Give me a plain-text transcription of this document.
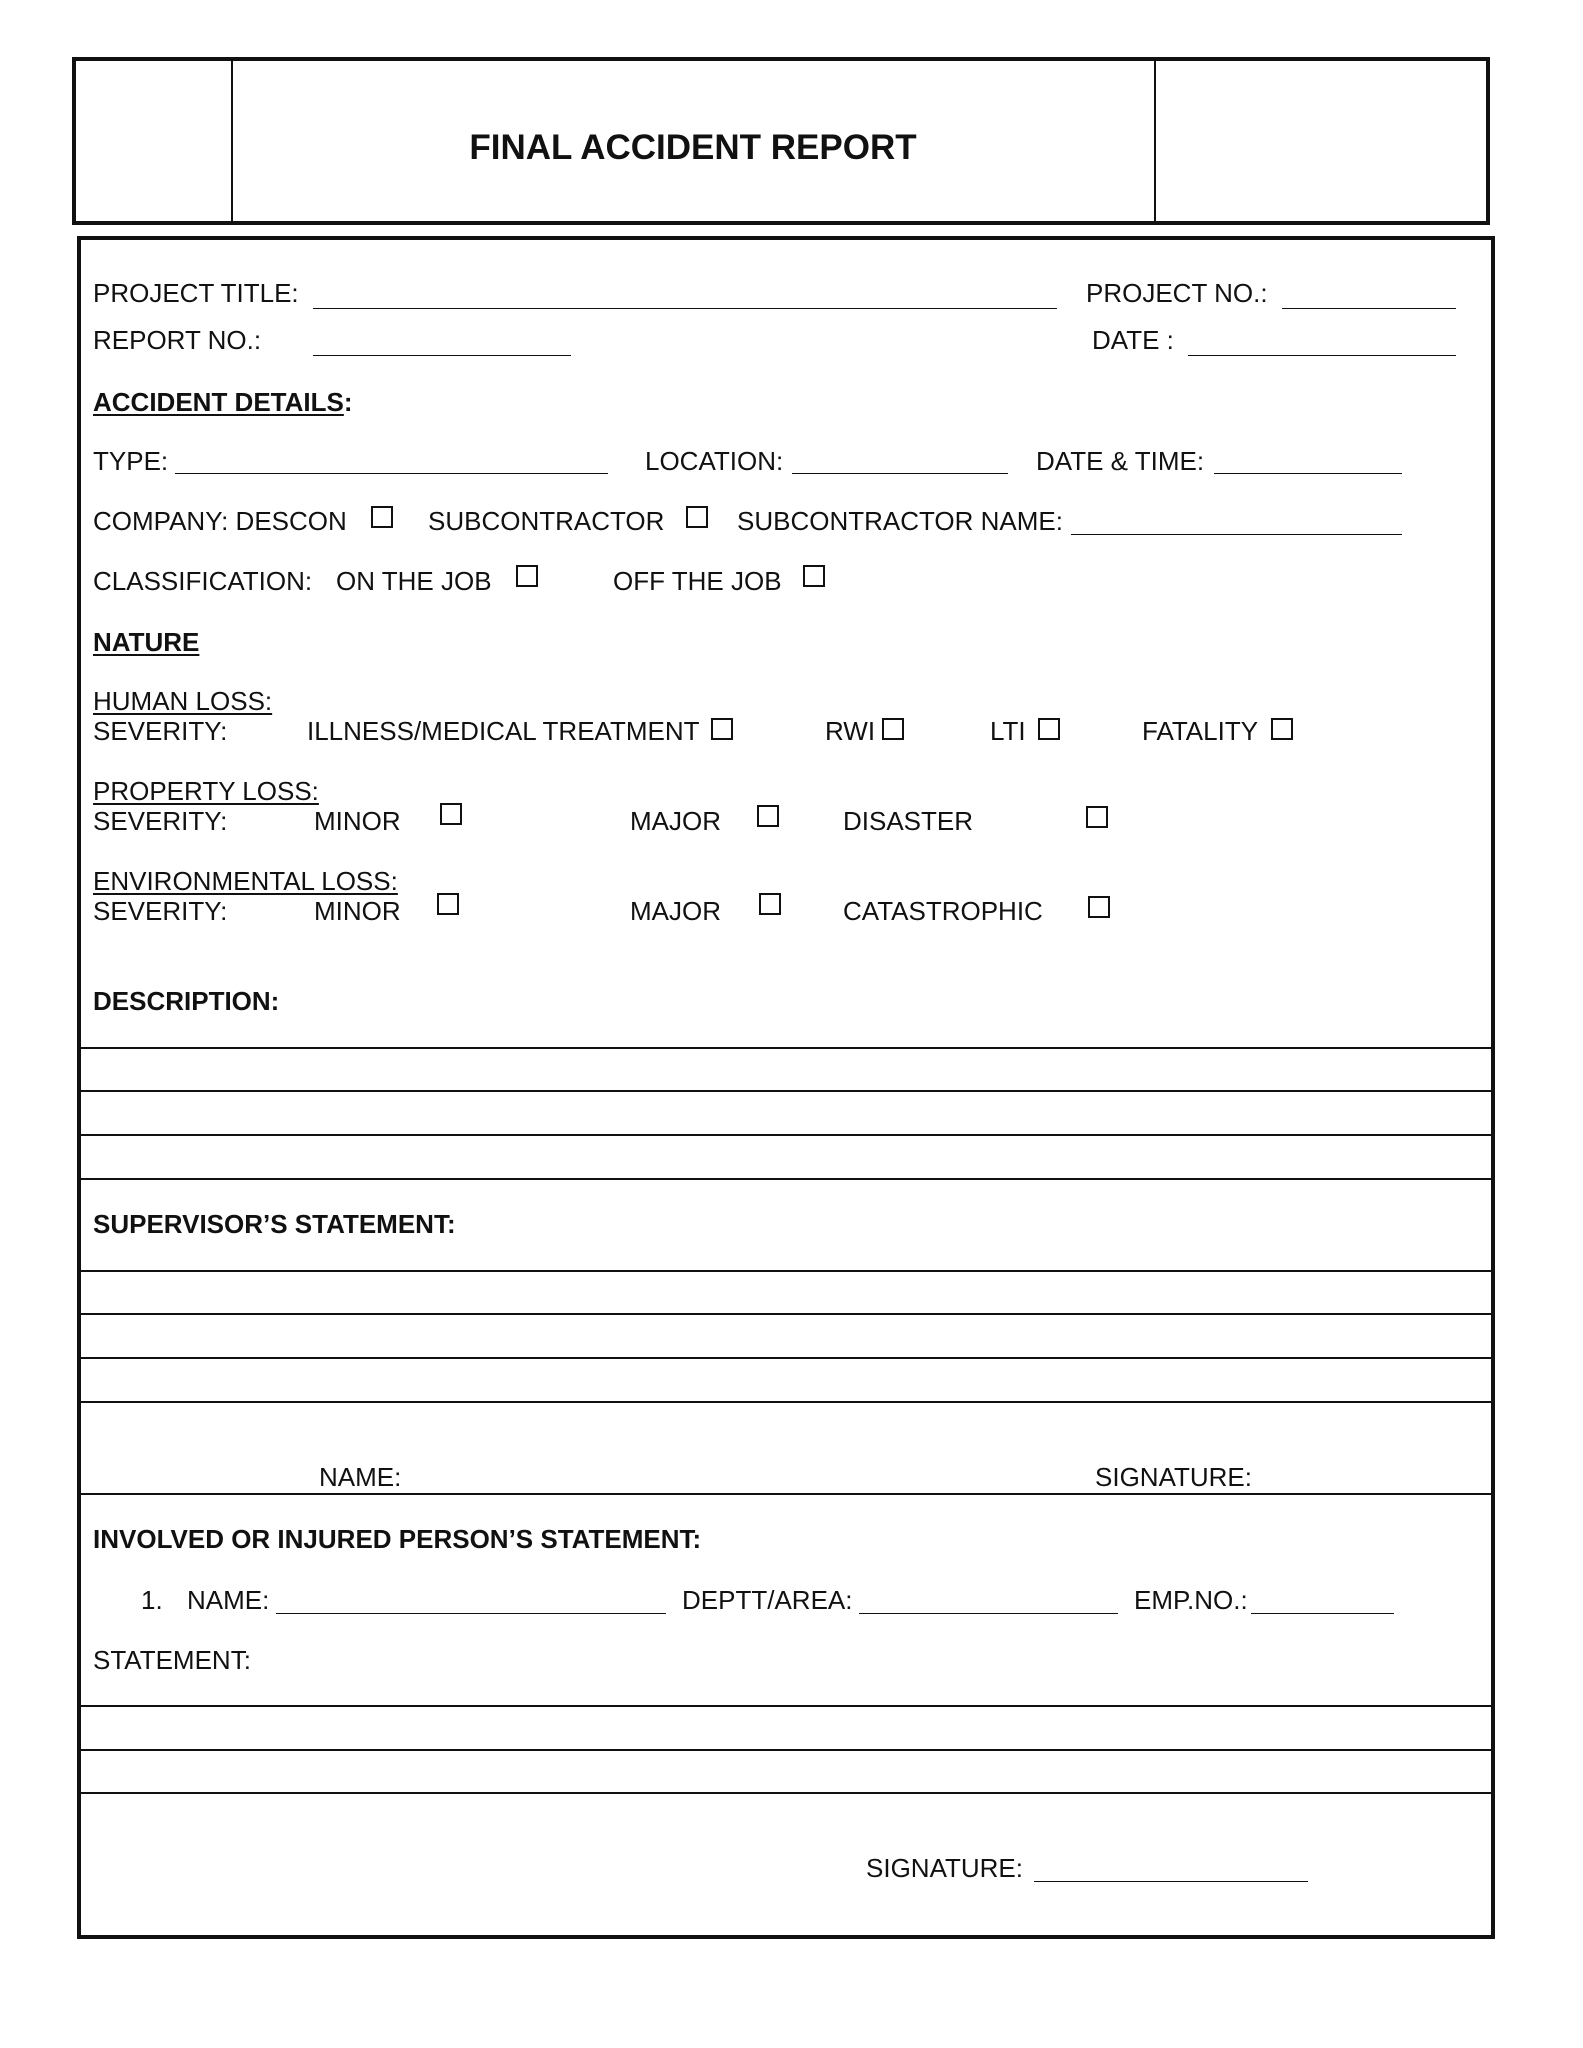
FINAL ACCIDENT REPORT
PROJECT TITLE:	PROJECT NO.:
REPORT NO.:	DATE :
ACCIDENT DETAILS:
TYPE:	LOCATION:	DATE & TIME:
COMPANY: DESCON	SUBCONTRACTOR	SUBCONTRACTOR NAME:
CLASSIFICATION: ON THE JOB	OFF THE JOB
NATURE
HUMAN LOSS:
SEVERITY:	ILLNESS/MEDICAL TREATMENT	RWI	LTI	FATALITY
PROPERTY LOSS:
SEVERITY:	MINOR	MAJOR	DISASTER
ENVIRONMENTAL LOSS:
SEVERITY:	MINOR	MAJOR	CATASTROPHIC
DESCRIPTION:
SUPERVISOR’S STATEMENT:
NAME:	SIGNATURE:
INVOLVED OR INJURED PERSON’S STATEMENT:
1. NAME:	DEPTT/AREA:	EMP.NO.:
STATEMENT:
SIGNATURE:
